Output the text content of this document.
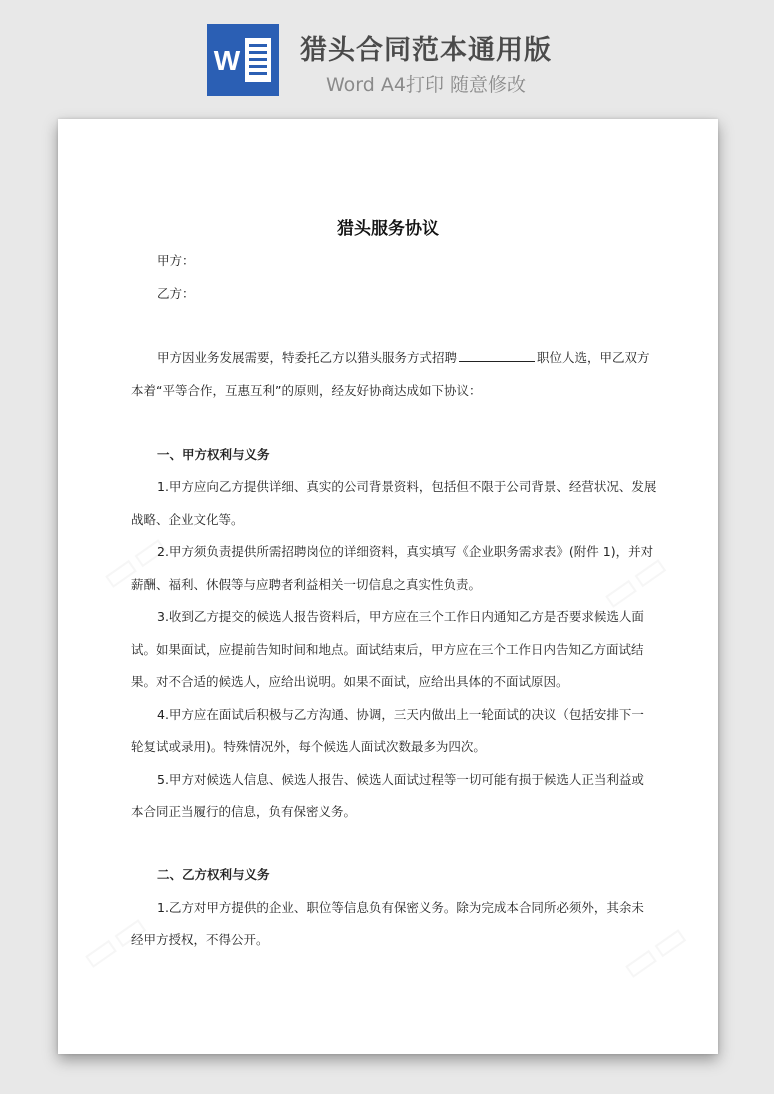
W 猎头合同范本通用版
Word A4打印 随意修改
猎头服务协议
甲方：
乙方：
甲方因业务发展需要，特委托乙方以猎头服务方式招聘	职位人选，甲乙双方
本着“平等合作，互惠互利”的原则，经友好协商达成如下协议：
一、甲方权利与义务
1.甲方应向乙方提供详细、真实的公司背景资料，包括但不限于公司背景、经营状况、发展
战略、企业文化等。
2.甲方须负责提供所需招聘岗位的详细资料，真实填写《企业职务需求表》(附件 1)，并对
薪酬、福利、休假等与应聘者利益相关一切信息之真实性负责。
3.收到乙方提交的候选人报告资料后，甲方应在三个工作日内通知乙方是否要求候选人面
试。如果面试，应提前告知时间和地点。面试结束后，甲方应在三个工作日内告知乙方面试结
果。对不合适的候选人，应给出说明。如果不面试，应给出具体的不面试原因。
4.甲方应在面试后积极与乙方沟通、协调，三天内做出上一轮面试的决议（包括安排下一
轮复试或录用)。特殊情况外，每个候选人面试次数最多为四次。
5.甲方对候选人信息、候选人报告、候选人面试过程等一切可能有损于候选人正当利益或
本合同正当履行的信息，负有保密义务。
二、乙方权利与义务
1.乙方对甲方提供的企业、职位等信息负有保密义务。除为完成本合同所必须外，其余未
经甲方授权，不得公开。
